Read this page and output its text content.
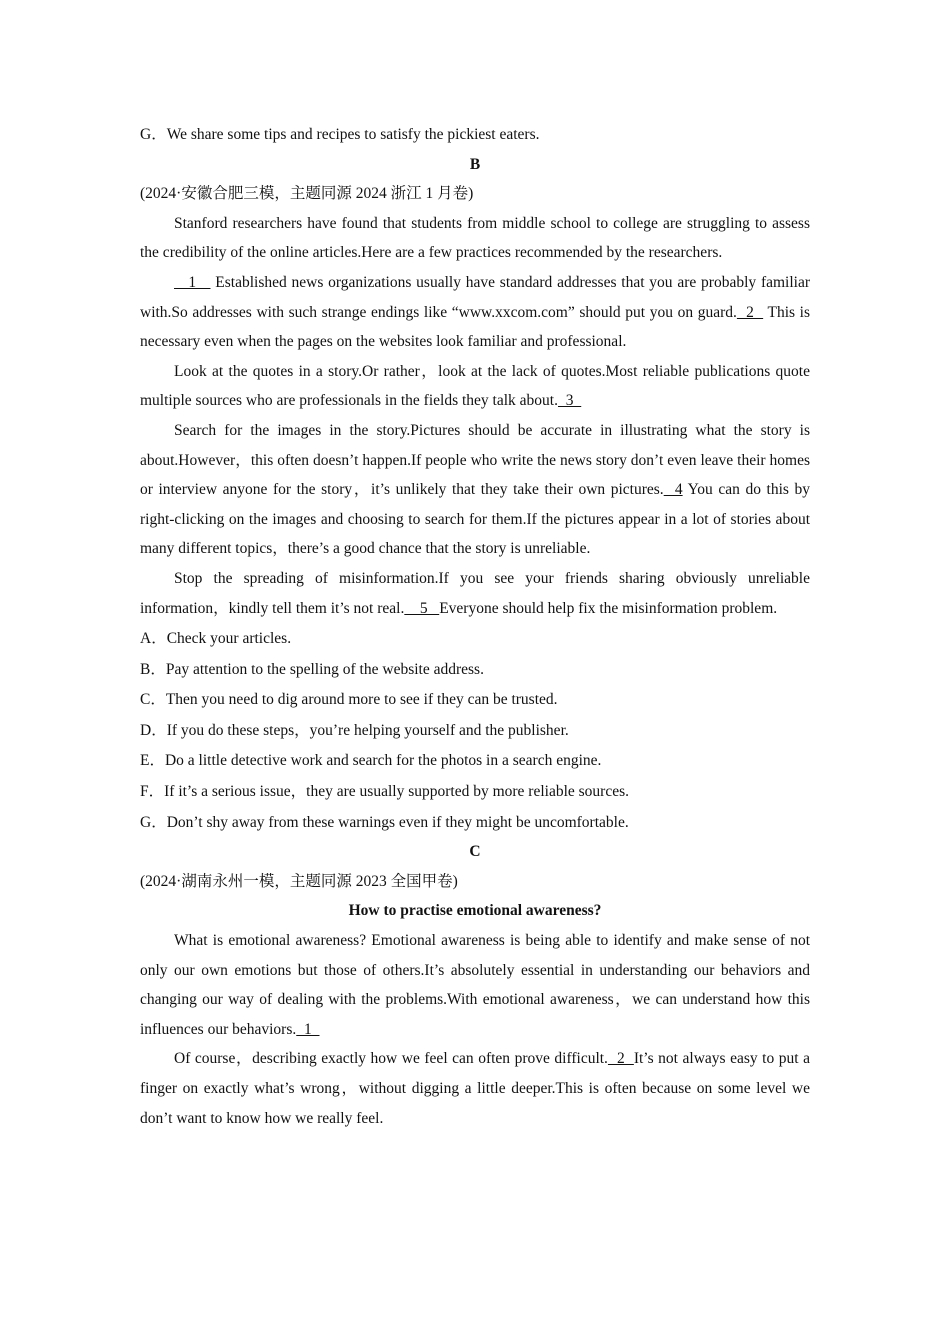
G．We share some tips and recipes to satisfy the pickiest eaters.

B

(2024·安徽合肥三模，主题同源 2024 浙江 1 月卷)

Stanford researchers have found that students from middle school to college are struggling to assess the credibility of the online articles.Here are a few practices recommended by the researchers.

1    Established news organizations usually have standard addresses that you are probably familiar with.So addresses with such strange endings like “www.xxcom.com” should put you on guard.  2   This is necessary even when the pages on the websites look familiar and professional.

Look at the quotes in a story.Or rather，look at the lack of quotes.Most reliable publications quote multiple sources who are professionals in the fields they talk about.  3

Search for the images in the story.Pictures should be accurate in illustrating what the story is about.However，this often doesn’t happen.If people who write the news story don’t even leave their homes or interview anyone for the story，it’s unlikely that they take their own pictures.  4 You can do this by right-clicking on the images and choosing to search for them.If the pictures appear in a lot of stories about many different topics，there’s a good chance that the story is unreliable.

Stop the spreading of misinformation.If you see your friends sharing obviously unreliable information，kindly tell them it’s not real.    5   Everyone should help fix the misinformation problem.

A．Check your articles.

B．Pay attention to the spelling of the website address.

C．Then you need to dig around more to see if they can be trusted.

D．If you do these steps，you’re helping yourself and the publisher.

E．Do a little detective work and search for the photos in a search engine.

F．If it’s a serious issue，they are usually supported by more reliable sources.

G．Don’t shy away from these warnings even if they might be uncomfortable.

C

(2024·湖南永州一模，主题同源 2023 全国甲卷)

How to practise emotional awareness?

What is emotional awareness? Emotional awareness is being able to identify and make sense of not only our own emotions but those of others.It’s absolutely essential in understanding our behaviors and changing our way of dealing with the problems.With emotional awareness，we can understand how this influences our behaviors.  1

Of course，describing exactly how we feel can often prove difficult.  2  It’s not always easy to put a finger on exactly what’s wrong，without digging a little deeper.This is often because on some level we don’t want to know how we really feel.
